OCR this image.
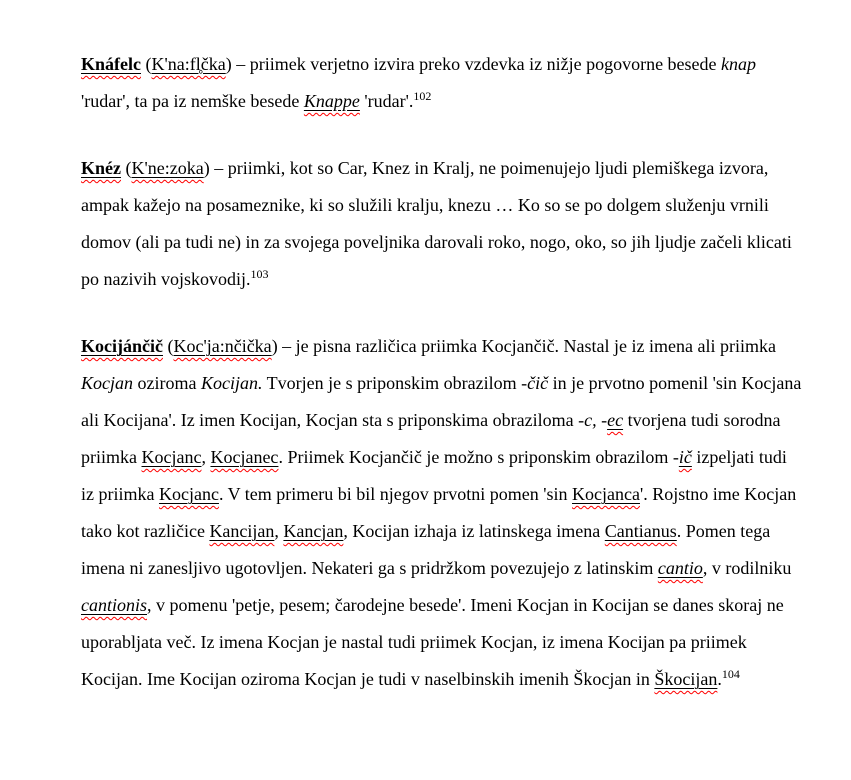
Knáfelc (K'na:fl̥čka) – priimek verjetno izvira preko vzdevka iz nižje pogovorne besede knap 'rudar', ta pa iz nemške besede Knappe 'rudar'.$^{102}$

Knéz (K'ne:zoka) – priimki, kot so Car, Knez in Kralj, ne poimenujejo ljudi plemiškega izvora, ampak kažejo na posameznike, ki so služili kralju, knezu … Ko so se po dolgem služenju vrnili domov (ali pa tudi ne) in za svojega poveljnika darovali roko, nogo, oko, so jih ljudje začeli klicati po nazivih vojskovodij.$^{103}$

Kocijánčič (Koc'ja:nčička) – je pisna različica priimka Kocjančič. Nastal je iz imena ali priimka Kocjan oziroma Kocijan. Tvorjen je s priponskim obrazilom -čič in je prvotno pomenil 'sin Kocjana ali Kocijana'. Iz imen Kocijan, Kocjan sta s priponskima obraziloma -c, -ec tvorjena tudi sorodna priimka Kocjanc, Kocjanec. Priimek Kocjančič je možno s priponskim obrazilom -ič izpeljati tudi iz priimka Kocjanc. V tem primeru bi bil njegov prvotni pomen 'sin Kocjanca'. Rojstno ime Kocjan tako kot različice Kancijan, Kancjan, Kocijan izhaja iz latinskega imena Cantianus. Pomen tega imena ni zanesljivo ugotovljen. Nekateri ga s pridržkom povezujejo z latinskim cantio, v rodilniku cantionis, v pomenu 'petje, pesem; čarodejne besede'. Imeni Kocjan in Kocijan se danes skoraj ne uporabljata več. Iz imena Kocjan je nastal tudi priimek Kocjan, iz imena Kocijan pa priimek Kocijan. Ime Kocijan oziroma Kocjan je tudi v naselbinskih imenih Škocjan in Škocijan.$^{104}$
